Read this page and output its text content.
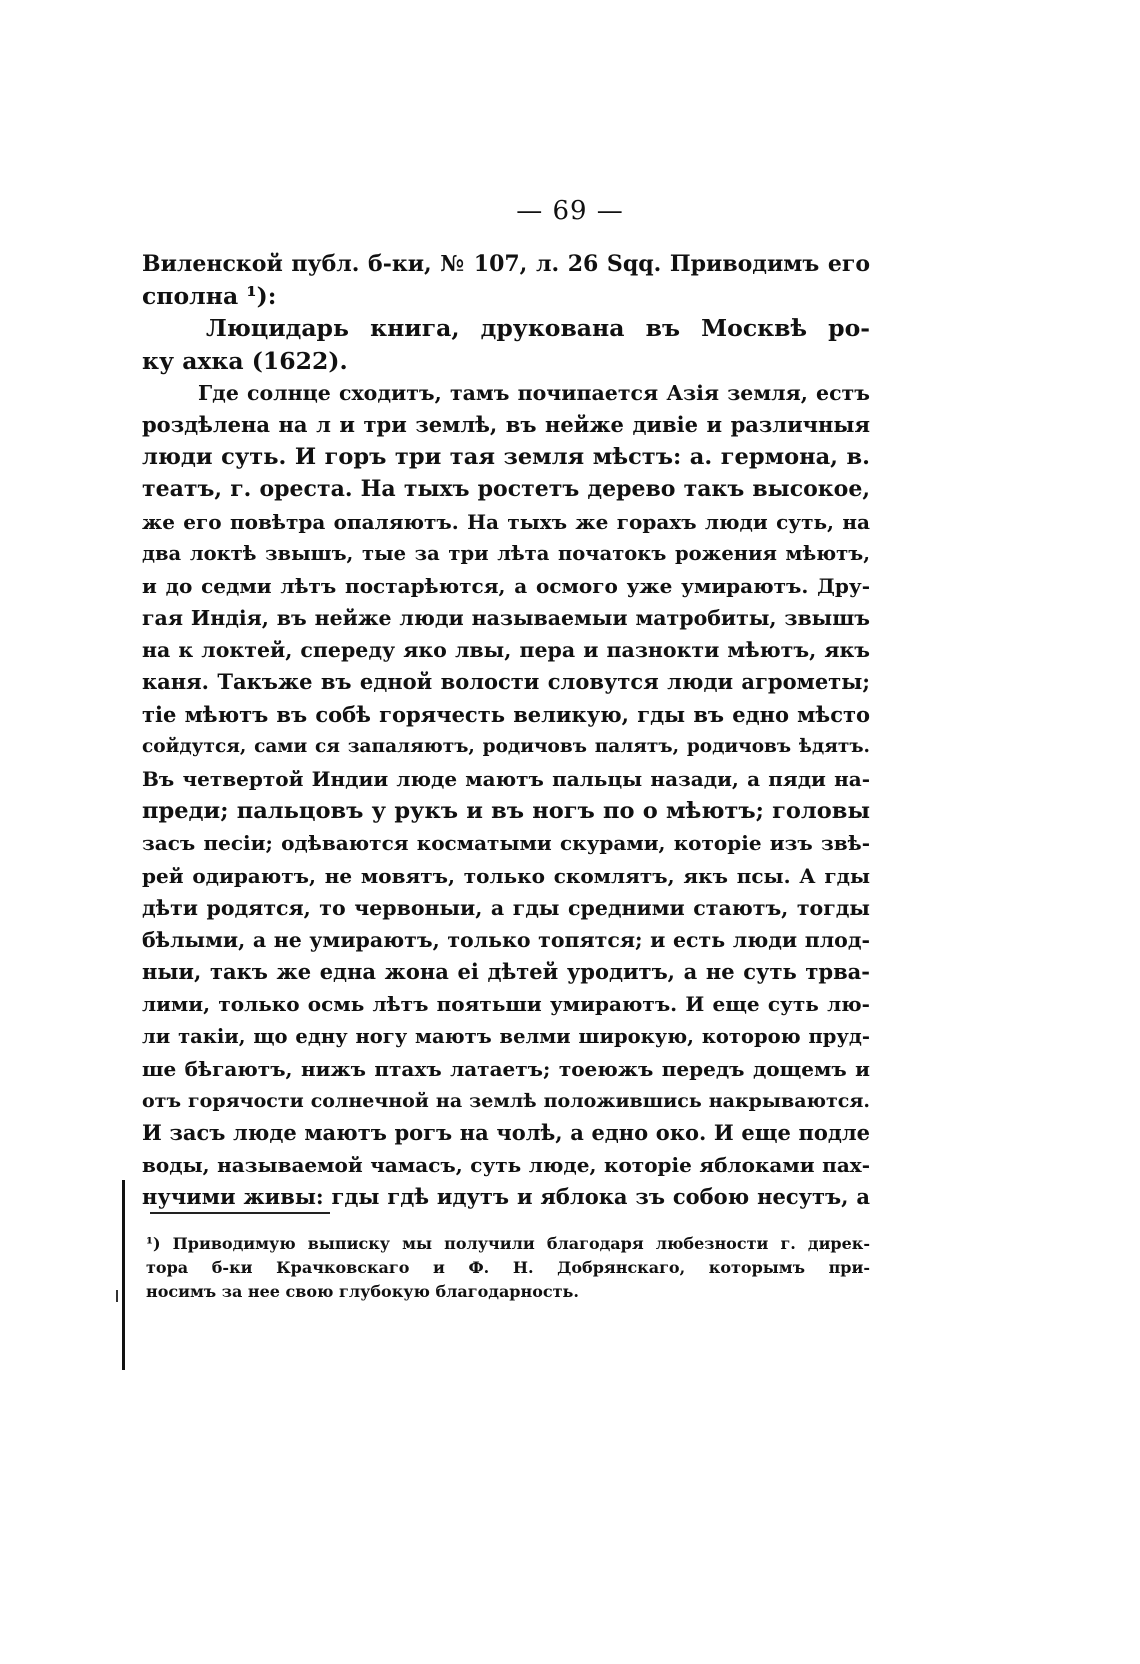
— 69 —
Виленской публ. б-ки, № 107, л. 26 Sqq. Приводимъ его
сполна ¹):
Люцидарь книга, друкована въ Москвѣ ро-
ку ахка (1622).
Где солнце сходитъ, тамъ почипается Азія земля, естъ
роздѣлена на л и три землѣ, въ нейже дивіе и различныя
люди суть. И горъ три тая земля мѣстъ: а. гермона, в.
театъ, г. ореста. На тыхъ ростетъ дерево такъ высокое,
же его повѣтра опаляютъ. На тыхъ же горахъ люди суть, на
два локтѣ звышъ, тые за три лѣта початокъ рожения мѣютъ,
и до седми лѣтъ постарѣются, а осмого уже умираютъ. Дру-
гая Индія, въ нейже люди называемыи матробиты, звышъ
на к локтей, спереду яко лвы, пера и пазнокти мѣютъ, якъ
каня. Такъже въ едной волости словутся люди агрометы;
тіе мѣютъ въ собѣ горячесть великую, гды въ едно мѣсто
сойдутся, сами ся запаляютъ, родичовъ палятъ, родичовъ ѣдятъ.
Въ четвертой Индии люде маютъ пальцы назади, а пяди на-
преди; пальцовъ у рукъ и въ ногъ по о мѣютъ; головы
засъ песіи; одѣваются косматыми скурами, которіе изъ звѣ-
рей одираютъ, не мовятъ, только скомлятъ, якъ псы. А гды
дѣти родятся, то червоныи, а гды средними стаютъ, тогды
бѣлыми, а не умираютъ, только топятся; и есть люди плод-
ныи, такъ же една жона еі дѣтей уродитъ, а не суть трва-
лими, только осмь лѣтъ поятьши умираютъ. И еще суть лю-
ли такіи, що едну ногу маютъ велми широкую, которою пруд-
ше бѣгаютъ, нижъ птахъ латаетъ; тоеюжъ передъ дощемъ и
отъ горячости солнечной на землѣ положившись накрываются.
И засъ люде маютъ рогъ на чолѣ, а едно око. И еще подле
воды, называемой чамасъ, суть люде, которіе яблоками пах-
нучими живы: гды гдѣ идутъ и яблока зъ собою несутъ, а
¹) Приводимую выписку мы получили благодаря любезности г. дирек-
тора б-ки Крачковскаго и Ф. Н. Добрянскаго, которымъ при-
носимъ за нее свою глубокую благодарность.
